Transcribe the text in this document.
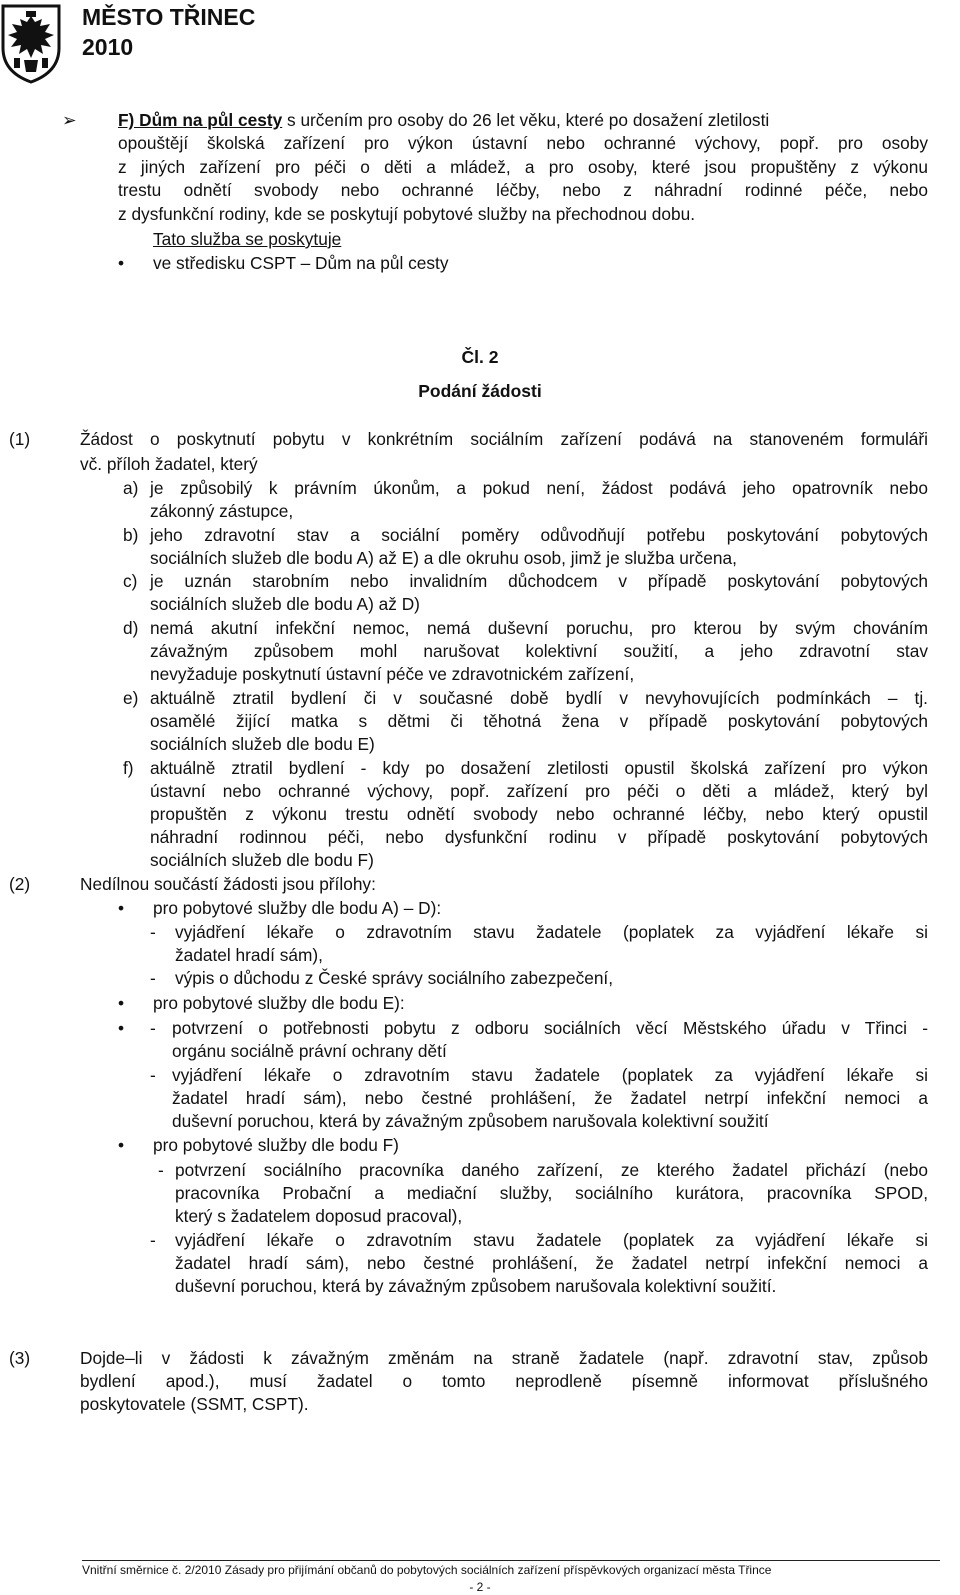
MĚSTO TŘINEC
2010
➢ F) Dům na půl cesty s určením pro osoby do 26 let věku, které po dosažení zletilosti
opouštějí školská zařízení pro výkon ústavní nebo ochranné výchovy, popř. pro osoby
z jiných zařízení pro péči o děti a mládež, a pro osoby, které jsou propuštěny z výkonu
trestu odnětí svobody nebo ochranné léčby, nebo z náhradní rodinné péče, nebo
z dysfunkční rodiny, kde se poskytují pobytové služby na přechodnou dobu.
Tato služba se poskytuje
• ve středisku CSPT – Dům na půl cesty
Čl. 2
Podání žádosti
(1)	Žádost o poskytnutí pobytu v konkrétním sociálním zařízení podává na stanoveném formuláři
vč. příloh žadatel, který
a) je způsobilý k právním úkonům, a pokud není, žádost podává jeho opatrovník nebo
zákonný zástupce,
b) jeho zdravotní stav a sociální poměry odůvodňují potřebu poskytování pobytových
sociálních služeb dle bodu A) až E) a dle okruhu osob, jimž je služba určena,
c) je uznán starobním nebo invalidním důchodcem v případě poskytování pobytových
sociálních služeb dle bodu A) až D)
d) nemá akutní infekční nemoc, nemá duševní poruchu, pro kterou by svým chováním
závažným způsobem mohl narušovat kolektivní soužití, a jeho zdravotní stav
nevyžaduje poskytnutí ústavní péče ve zdravotnickém zařízení,
e) aktuálně ztratil bydlení či v současné době bydlí v nevyhovujících podmínkách – tj.
osamělé žijící matka s dětmi či těhotná žena v případě poskytování pobytových
sociálních služeb dle bodu E)
f) aktuálně ztratil bydlení - kdy po dosažení zletilosti opustil školská zařízení pro výkon
ústavní nebo ochranné výchovy, popř. zařízení pro péči o děti a mládež, který byl
propuštěn z výkonu trestu odnětí svobody nebo ochranné léčby, nebo který opustil
náhradní rodinnou péči, nebo dysfunkční rodinu v případě poskytování pobytových
sociálních služeb dle bodu F)
(2)	Nedílnou součástí žádosti jsou přílohy:
• pro pobytové služby dle bodu A) – D):
- vyjádření lékaře o zdravotním stavu žadatele (poplatek za vyjádření lékaře si
žadatel hradí sám),
- výpis o důchodu z České správy sociálního zabezpečení,
• pro pobytové služby dle bodu E):
• - potvrzení o potřebnosti pobytu z odboru sociálních věcí Městského úřadu v Třinci -
orgánu sociálně právní ochrany dětí
- vyjádření lékaře o zdravotním stavu žadatele (poplatek za vyjádření lékaře si
žadatel hradí sám), nebo čestné prohlášení, že žadatel netrpí infekční nemoci a
duševní poruchou, která by závažným způsobem narušovala kolektivní soužití
• pro pobytové služby dle bodu F)
- potvrzení sociálního pracovníka daného zařízení, ze kterého žadatel přichází (nebo
pracovníka Probační a mediační služby, sociálního kurátora, pracovníka SPOD,
který s žadatelem doposud pracoval),
- vyjádření lékaře o zdravotním stavu žadatele (poplatek za vyjádření lékaře si
žadatel hradí sám), nebo čestné prohlášení, že žadatel netrpí infekční nemoci a
duševní poruchou, která by závažným způsobem narušovala kolektivní soužití.
(3)	Dojde–li v žádosti k závažným změnám na straně žadatele (např. zdravotní stav, způsob
bydlení apod.), musí žadatel o tomto neprodleně písemně informovat příslušného
poskytovatele (SSMT, CSPT).
Vnitřní směrnice č. 2/2010 Zásady pro přijímání občanů do pobytových sociálních zařízení příspěvkových organizací města Třince
- 2 -
